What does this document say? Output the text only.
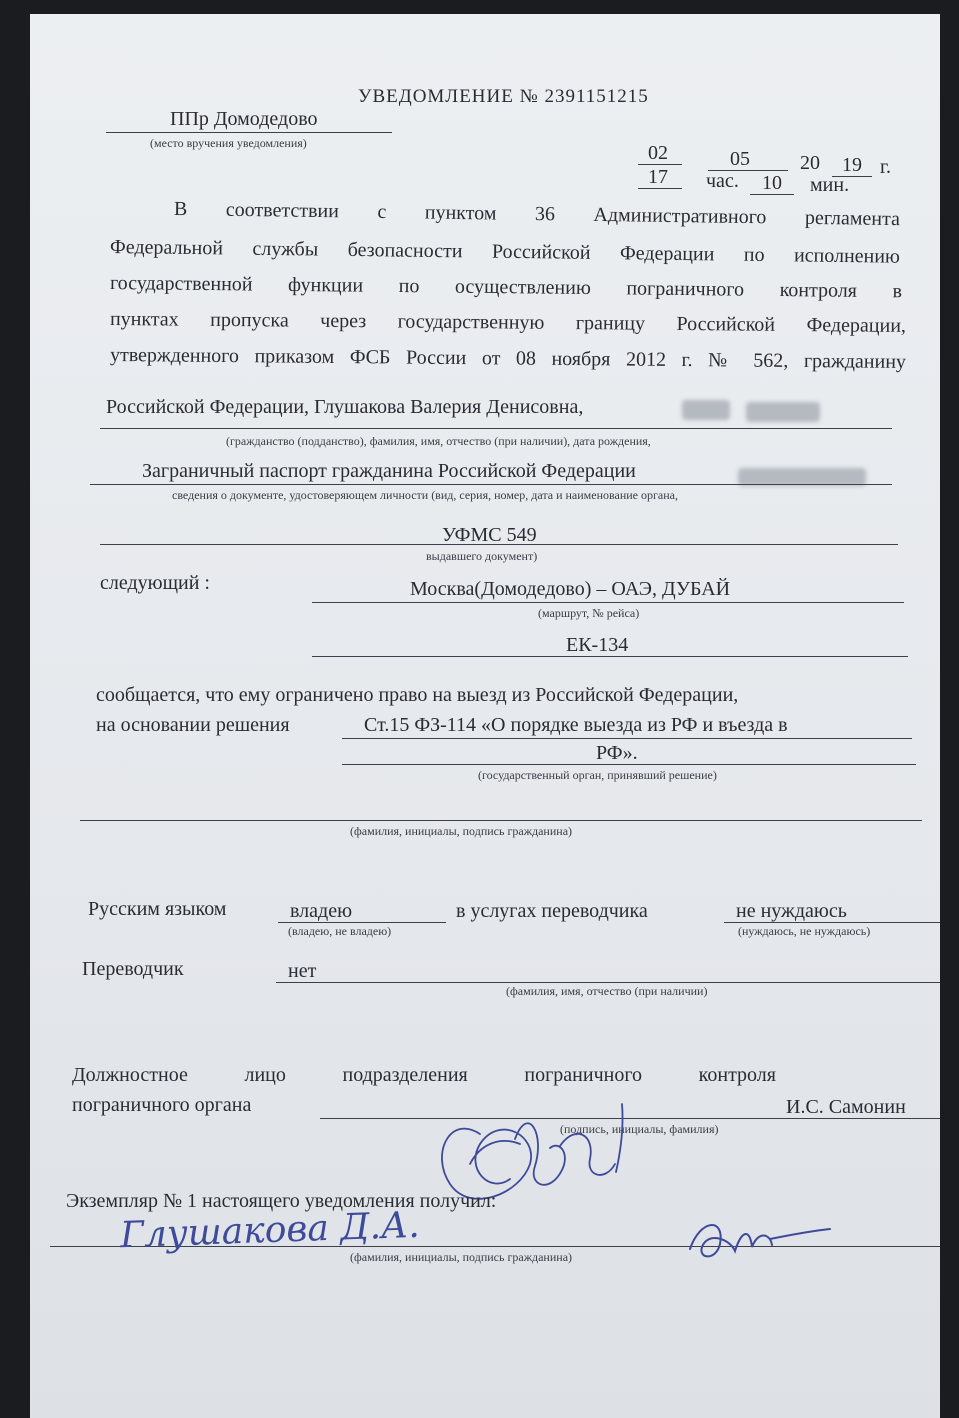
УВЕДОМЛЕНИЕ № 2391151215
ППр Домодедово
(место вручения уведомления)	02	05	20 19 г.
17 час. 10 мин.
В соответствии с пунктом 36 Административного регламента
Федеральной службы безопасности Российской Федерации по исполнению
государственной функции по осуществлению пограничного контроля в
пунктах пропуска через государственную границу Российской Федерации,
утвержденного приказом ФСБ России от 08 ноября 2012 г. № 562, гражданину
Российской Федерации, Глушакова Валерия Денисовна,
(гражданство (подданство), фамилия, имя, отчество (при наличии), дата рождения,
Заграничный паспорт гражданина Российской Федерации
сведения о документе, удостоверяющем личности (вид, серия, номер, дата и наименование органа,
УФМС 549
выдавшего документ)
следующий :	Москва(Домодедово) – ОАЭ, ДУБАЙ
(маршрут, № рейса)
ЕК-134
сообщается, что ему ограничено право на выезд из Российской Федерации,
на основании решения	Ст.15 ФЗ-114 «О порядке выезда из РФ и въезда в
РФ».
(государственный орган, принявший решение)
(фамилия, инициалы, подпись гражданина)
Русским языком	владею
(владею, не владею)
в услугах переводчика	не нуждаюсь
(нуждаюсь, не нуждаюсь)
Переводчик	нет
(фамилия, имя, отчество (при наличии)
Должностное	лицо	подразделения	пограничного	контроля
пограничного органа	И.С. Самонин
(подпись, инициалы, фамилия)
Экземпляр № 1 настоящего уведомления получил:
(фамилия, инициалы, подпись гражданина)
Глушакова Д.А.
